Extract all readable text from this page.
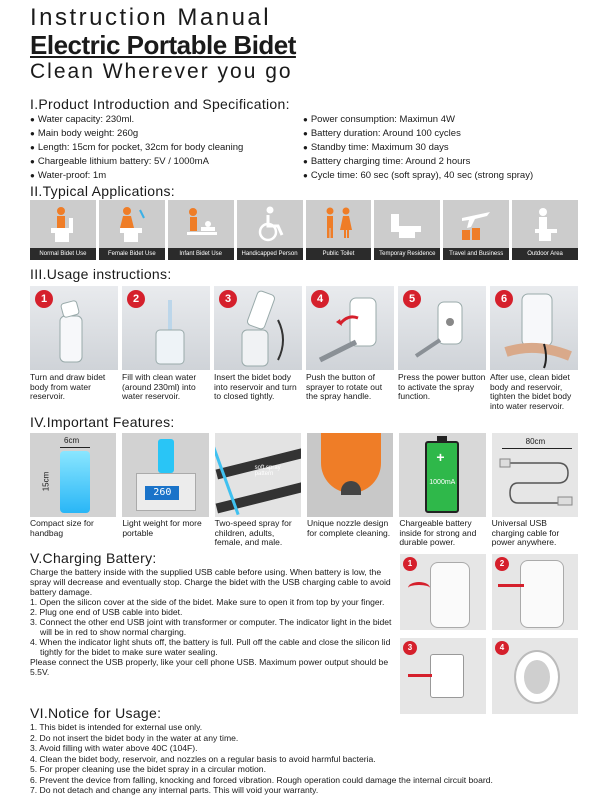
Instruction Manual
Electric Portable Bidet
Clean Wherever you go
I.Product Introduction and Specification:
● Water capacity: 230ml.
● Main body weight: 260g
● Length: 15cm for pocket, 32cm for body cleaning
● Chargeable lithium battery: 5V / 1000mA
● Water-proof: 1m
● Power consumption: Maximun 4W
● Battery duration: Around 100 cycles
● Standby time: Maximum 30 days
● Battery charging time: Around 2 hours
● Cycle time: 60 sec (soft spray), 40 sec (strong spray)
II.Typical Applications:
Normal Bidet Use	Female Bidet Use	Infant Bidet Use	Handicapped Person	Public Toilet	Temporay Residence	Travel and Business	Outdoor Area
III.Usage instructions:
1
Turn and draw bidet body from water reservoir.
2
Fill with clean water (around 230ml) into water reservoir.
3
Insert the bidet body into reservoir and turn to closed tightly.
4
Push the button of sprayer to rotate out the spray handle.
5
Press the power button to activate the spray function.
6
After use, clean bidet body and reservoir, tighten the bidet body into water reservoir.
IV.Important Features:
6cm
15cm
Compact size for handbag
260
Light weight for more portable
soft spray pattern
Two-speed spray for children, adults, female, and male.
Unique nozzle design for complete cleaning.
+
1000mA
Chargeable battery inside for strong and durable power.
80cm
Universal USB charging cable for power anywhere.
V.Charging Battery:

Charge the battery inside with the supplied USB cable before using. When battery is low, the spray will decrease and eventually stop. Charge the bidet with the USB charging cable to avoid battery damage.

1. Open the silicon cover at the side of the bidet. Make sure to open it from top by your finger.

2. Plug one end of USB cable into bidet.

3. Connect the other end USB joint with transformer or computer. The indicator light in the bidet will be in red to show normal charging.

4. When the indicator light shuts off, the battery is full. Pull off the cable and close the silicon lid tightly for the bidet to make sure water sealing.

Please connect the USB properly, like your cell phone USB. Maximum power output should be 5.5V.

1	2
3	4
VI.Notice for Usage:
1. This bidet is intended for external use only.
2. Do not insert the bidet body in the water at any time.
3. Avoid filling with water above 40C (104F).
4. Clean the bidet body, reservoir, and nozzles on a regular basis to avoid harmful bacteria.
5. For proper cleaning use the bidet spray in a circular motion.
6. Prevent the device from falling, knocking and forced vibration. Rough operation could damage the internal circuit board.
7. Do not detach and change any internal parts. This will void your warranty.
